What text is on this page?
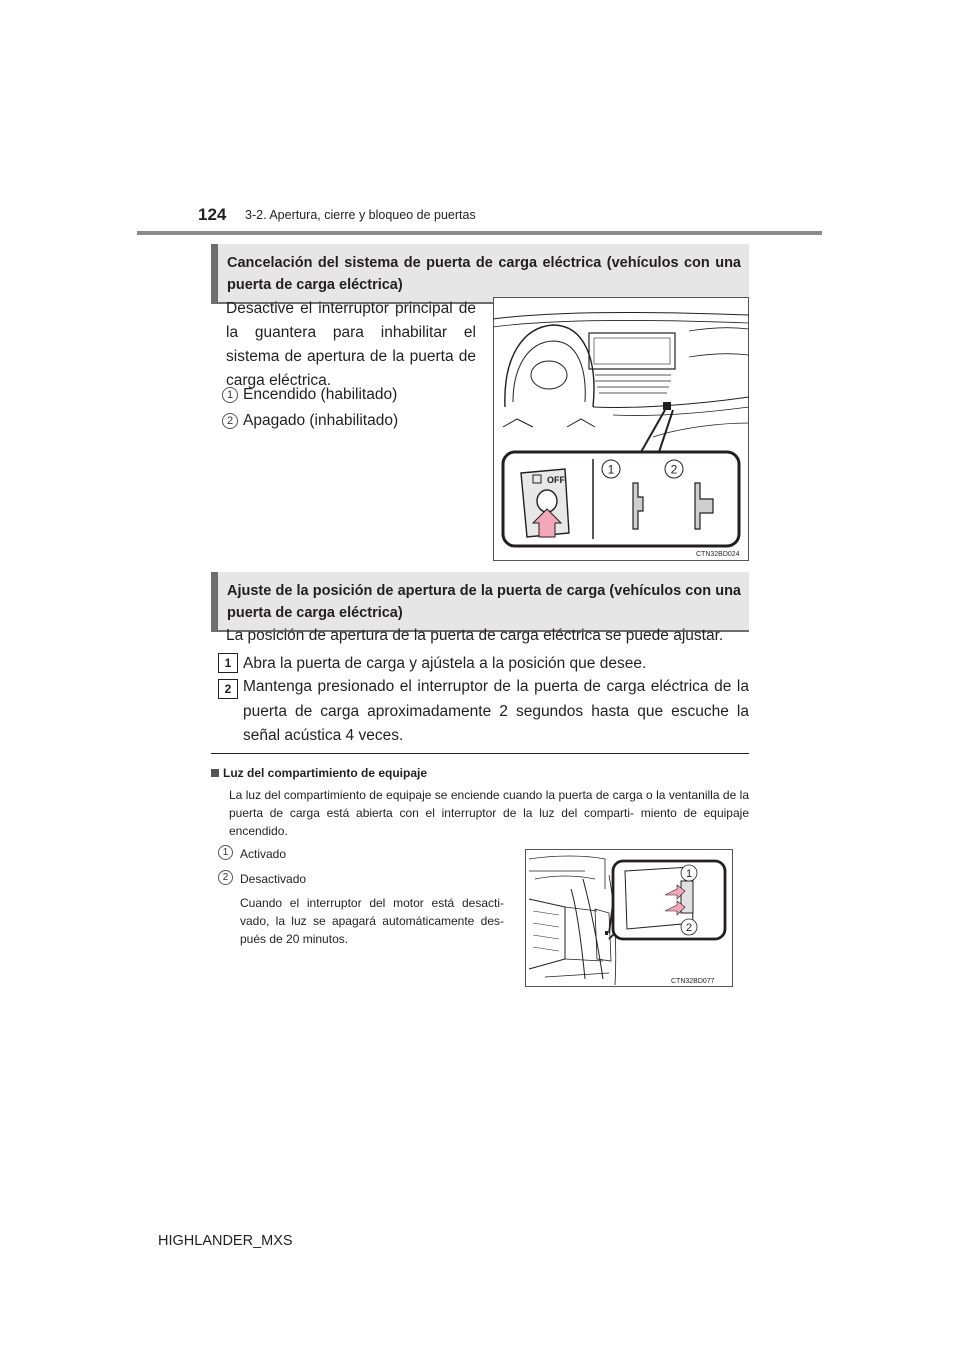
124 3-2. Apertura, cierre y bloqueo de puertas
Cancelación del sistema de puerta de carga eléctrica (vehículos con una puerta de carga eléctrica)
Desactive el interruptor principal de la guantera para inhabilitar el sistema de apertura de la puerta de carga eléctrica.
1 Encendido (habilitado)
2 Apagado (inhabilitado)
OFF
1	2
CTN32BD024
Ajuste de la posición de apertura de la puerta de carga (vehículos con una puerta de carga eléctrica)
La posición de apertura de la puerta de carga eléctrica se puede ajustar.
1 Abra la puerta de carga y ajústela a la posición que desee.
2 Mantenga presionado el interruptor de la puerta de carga eléctrica de la puerta de carga aproximadamente 2 segundos hasta que escuche la señal acústica 4 veces.
Luz del compartimiento de equipaje
La luz del compartimiento de equipaje se enciende cuando la puerta de carga o la ventanilla de la puerta de carga está abierta con el interruptor de la luz del comparti- miento de equipaje encendido.
1 Activado
2 Desactivado
Cuando el interruptor del motor está desacti- vado, la luz se apagará automáticamente des- pués de 20 minutos.
1
2
CTN32BD077
HIGHLANDER_MXS
